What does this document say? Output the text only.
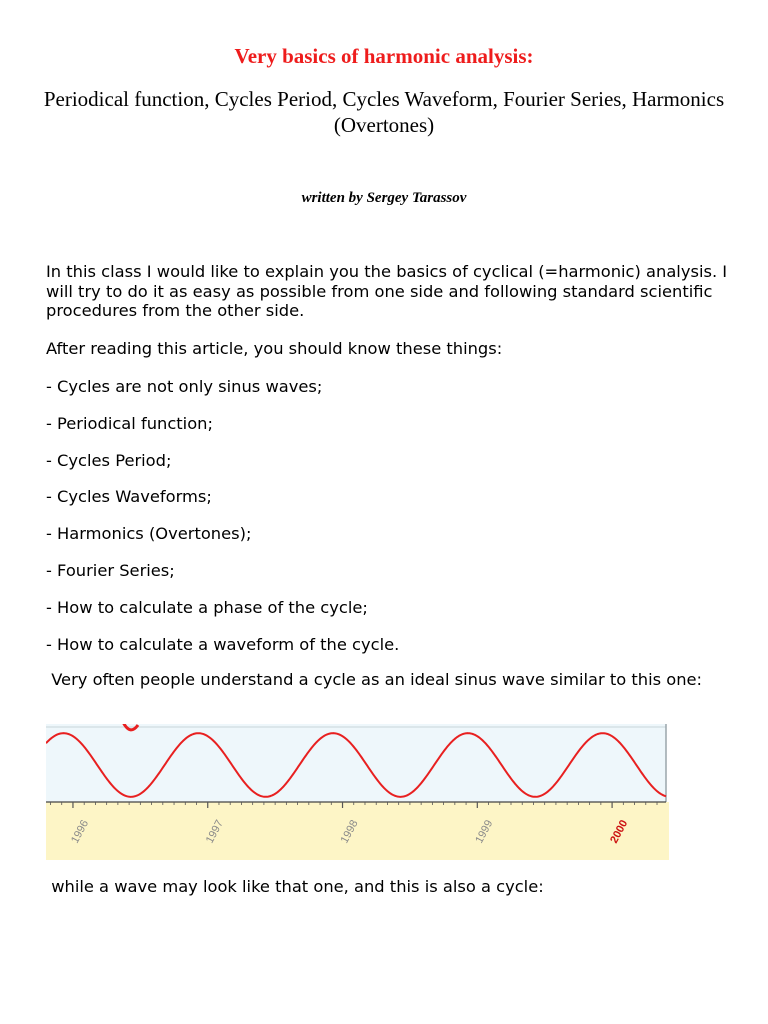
Very basics of harmonic analysis:

Periodical function, Cycles Period, Cycles Waveform, Fourier Series, Harmonics (Overtones)

written by Sergey Tarassov

In this class I would like to explain you the basics of cyclical (=harmonic) analysis. I will try to do it as easy as possible from one side and following standard scientific procedures from the other side.

After reading this article, you should know these things:

- Cycles are not only sinus waves;
- Periodical function;
- Cycles Period;
- Cycles Waveforms;
- Harmonics (Overtones);
- Fourier Series;
- How to calculate a phase of the cycle;
- How to calculate a waveform of the cycle.

Very often people understand a cycle as an ideal sinus wave similar to this one:

1996	1997	1998	1999	2000

while a wave may look like that one, and this is also a cycle:
